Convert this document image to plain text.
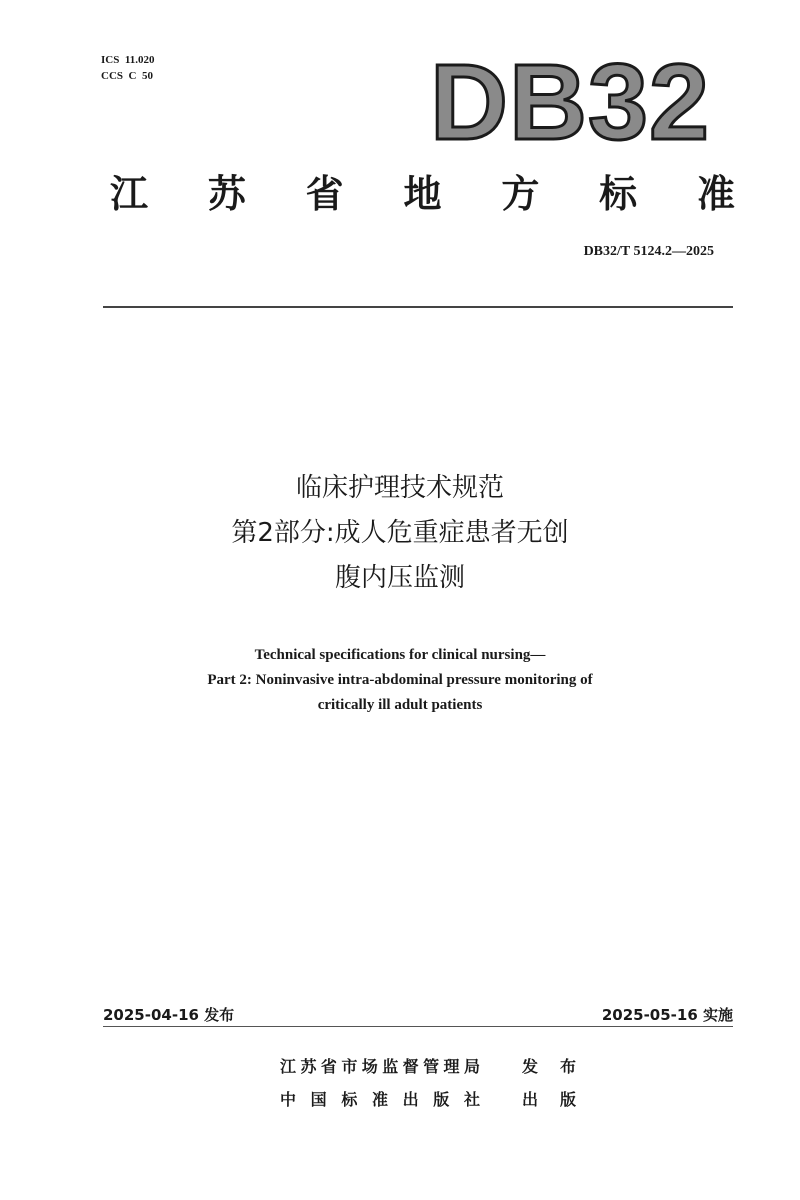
ICS  11.020
CCS  C  50	DB32
江 苏 省 地 方 标 准
DB32/T 5124.2—2025
临床护理技术规范
第2部分:成人危重症患者无创
腹内压监测
Technical specifications for clinical nursing—
Part 2: Noninvasive intra-abdominal pressure monitoring of
critically ill adult patients
2025-04-16 发布	2025-05-16 实施
江 苏 省 市 场 监 督 管 理 局	发 布
中 国 标 准 出 版 社	出 版
